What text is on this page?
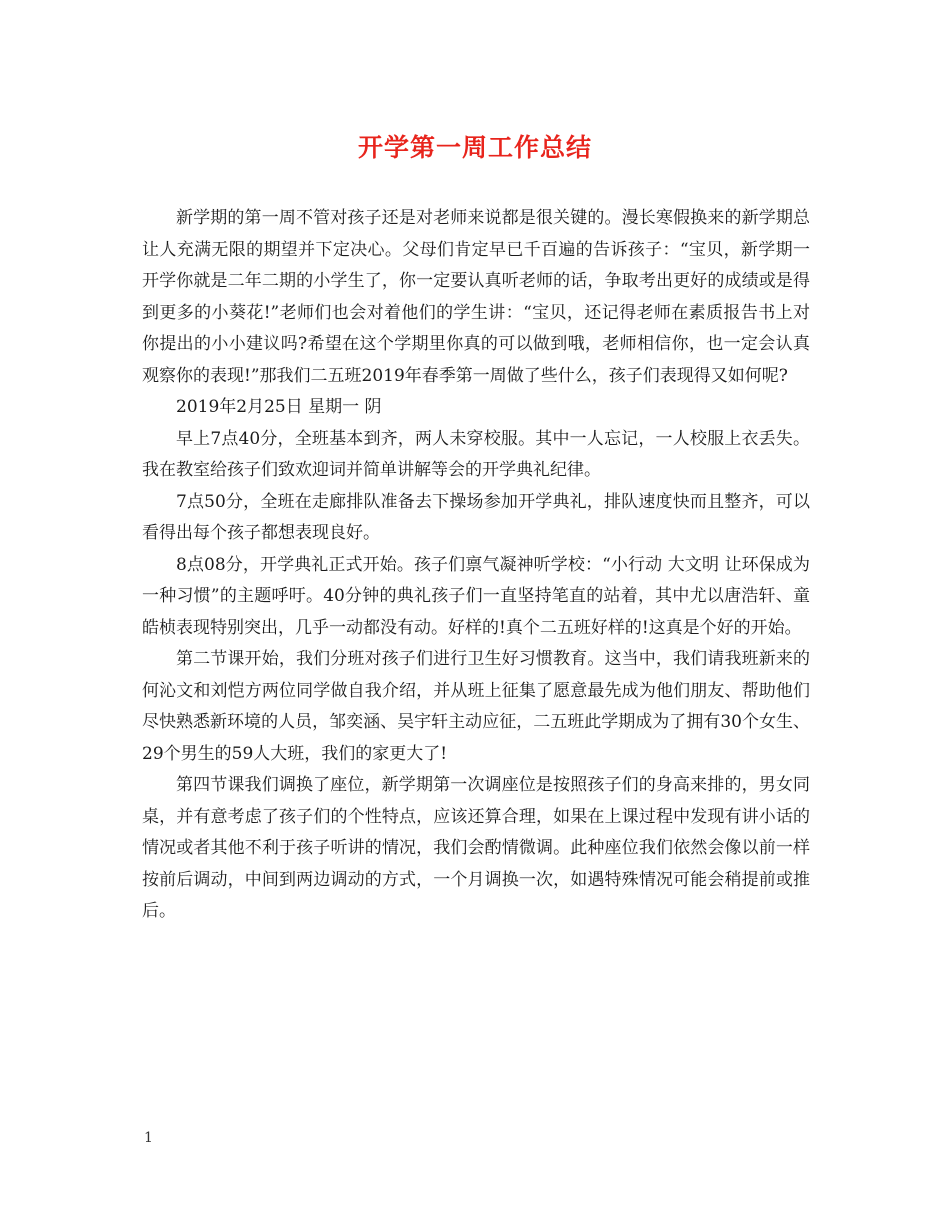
开学第一周工作总结

新学期的第一周不管对孩子还是对老师来说都是很关键的。漫长寒假换来的新学期总让人充满无限的期望并下定决心。父母们肯定早已千百遍的告诉孩子：“宝贝，新学期一开学你就是二年二期的小学生了，你一定要认真听老师的话，争取考出更好的成绩或是得到更多的小葵花!”老师们也会对着他们的学生讲：“宝贝，还记得老师在素质报告书上对你提出的小小建议吗?希望在这个学期里你真的可以做到哦，老师相信你，也一定会认真观察你的表现!”那我们二五班2019年春季第一周做了些什么，孩子们表现得又如何呢?

2019年2月25日 星期一 阴

早上7点40分，全班基本到齐，两人未穿校服。其中一人忘记，一人校服上衣丢失。我在教室给孩子们致欢迎词并简单讲解等会的开学典礼纪律。

7点50分，全班在走廊排队准备去下操场参加开学典礼，排队速度快而且整齐，可以看得出每个孩子都想表现良好。

8点08分，开学典礼正式开始。孩子们禀气凝神听学校：“小行动 大文明 让环保成为一种习惯”的主题呼吁。40分钟的典礼孩子们一直坚持笔直的站着，其中尤以唐浩轩、童皓桢表现特别突出，几乎一动都没有动。好样的!真个二五班好样的!这真是个好的开始。

第二节课开始，我们分班对孩子们进行卫生好习惯教育。这当中，我们请我班新来的何沁文和刘恺方两位同学做自我介绍，并从班上征集了愿意最先成为他们朋友、帮助他们尽快熟悉新环境的人员，邹奕涵、吴宇轩主动应征，二五班此学期成为了拥有30个女生、29个男生的59人大班，我们的家更大了!

第四节课我们调换了座位，新学期第一次调座位是按照孩子们的身高来排的，男女同桌，并有意考虑了孩子们的个性特点，应该还算合理，如果在上课过程中发现有讲小话的情况或者其他不利于孩子听讲的情况，我们会酌情微调。此种座位我们依然会像以前一样按前后调动，中间到两边调动的方式，一个月调换一次，如遇特殊情况可能会稍提前或推后。

1
